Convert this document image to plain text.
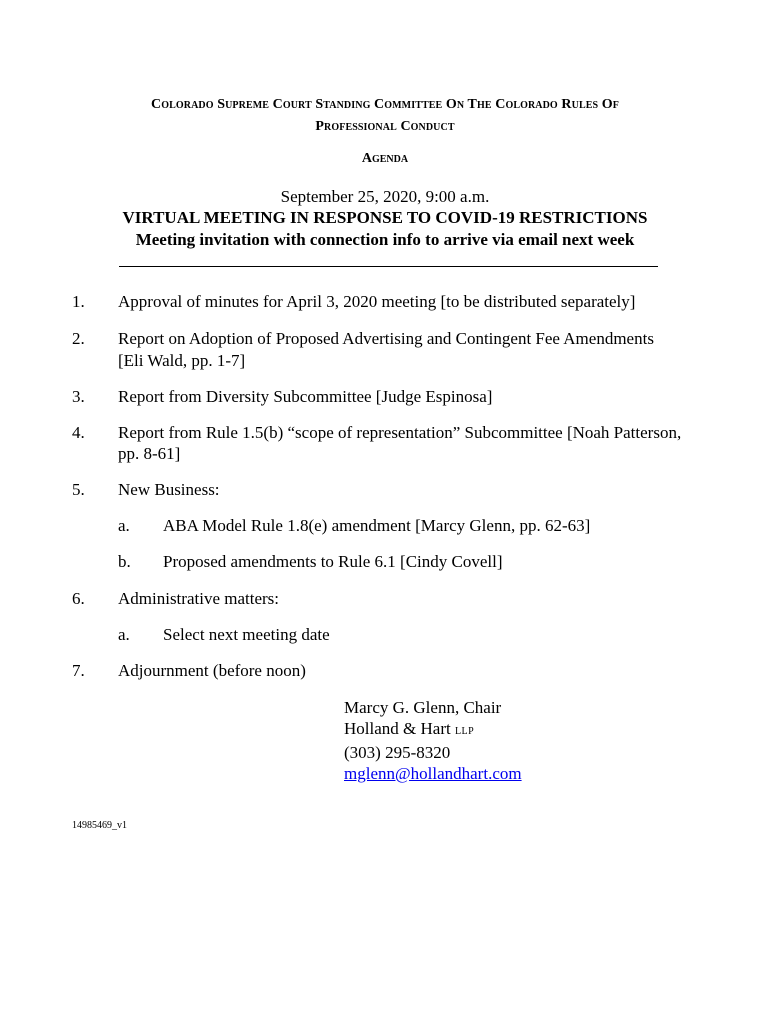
Colorado Supreme Court Standing Committee On The Colorado Rules Of
Professional Conduct
Agenda
September 25, 2020, 9:00 a.m.
VIRTUAL MEETING IN RESPONSE TO COVID-19 RESTRICTIONS
Meeting invitation with connection info to arrive via email next week
1. Approval of minutes for April 3, 2020 meeting [to be distributed separately]
2. Report on Adoption of Proposed Advertising and Contingent Fee Amendments
[Eli Wald, pp. 1-7]
3. Report from Diversity Subcommittee [Judge Espinosa]
4. Report from Rule 1.5(b) “scope of representation” Subcommittee [Noah Patterson,
pp. 8-61]
5. New Business:
a. ABA Model Rule 1.8(e) amendment [Marcy Glenn, pp. 62-63]
b. Proposed amendments to Rule 6.1 [Cindy Covell]
6. Administrative matters:
a. Select next meeting date
7. Adjournment (before noon)
Marcy G. Glenn, Chair
Holland & Hart LLP
(303) 295-8320
mglenn@hollandhart.com
14985469_v1
